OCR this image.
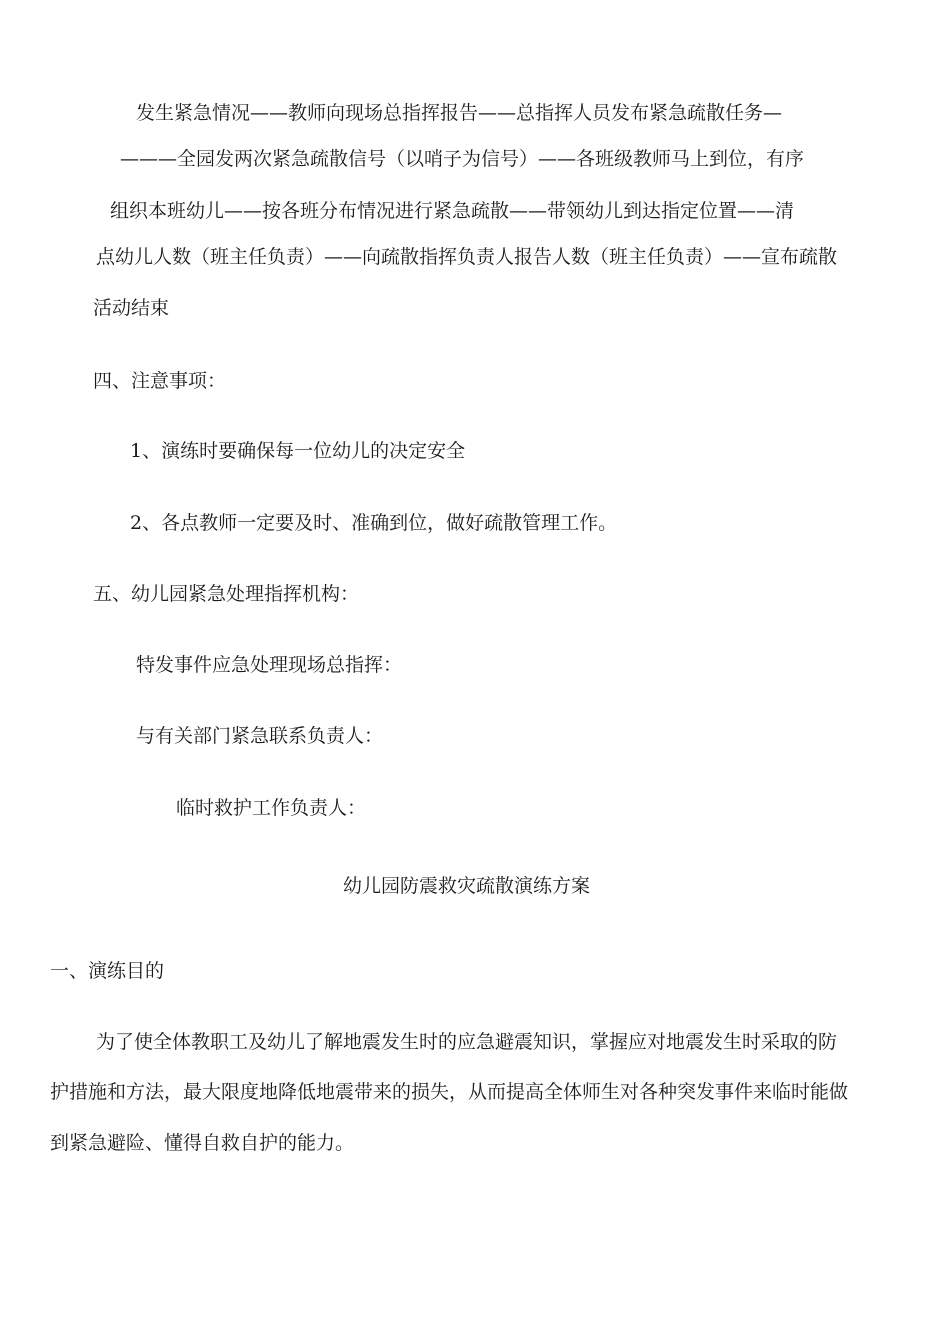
发生紧急情况——教师向现场总指挥报告——总指挥人员发布紧急疏散任务—

———全园发两次紧急疏散信号（以哨子为信号）——各班级教师马上到位，有序

组织本班幼儿——按各班分布情况进行紧急疏散——带领幼儿到达指定位置——清

点幼儿人数（班主任负责）——向疏散指挥负责人报告人数（班主任负责）——宣布疏散

活动结束

四、注意事项：

1、演练时要确保每一位幼儿的决定安全

2、各点教师一定要及时、准确到位，做好疏散管理工作。

五、幼儿园紧急处理指挥机构：

特发事件应急处理现场总指挥：

与有关部门紧急联系负责人：

临时救护工作负责人：

幼儿园防震救灾疏散演练方案
一、演练目的

为了使全体教职工及幼儿了解地震发生时的应急避震知识，掌握应对地震发生时采取的防

护措施和方法，最大限度地降低地震带来的损失，从而提高全体师生对各种突发事件来临时能做

到紧急避险、懂得自救自护的能力。
